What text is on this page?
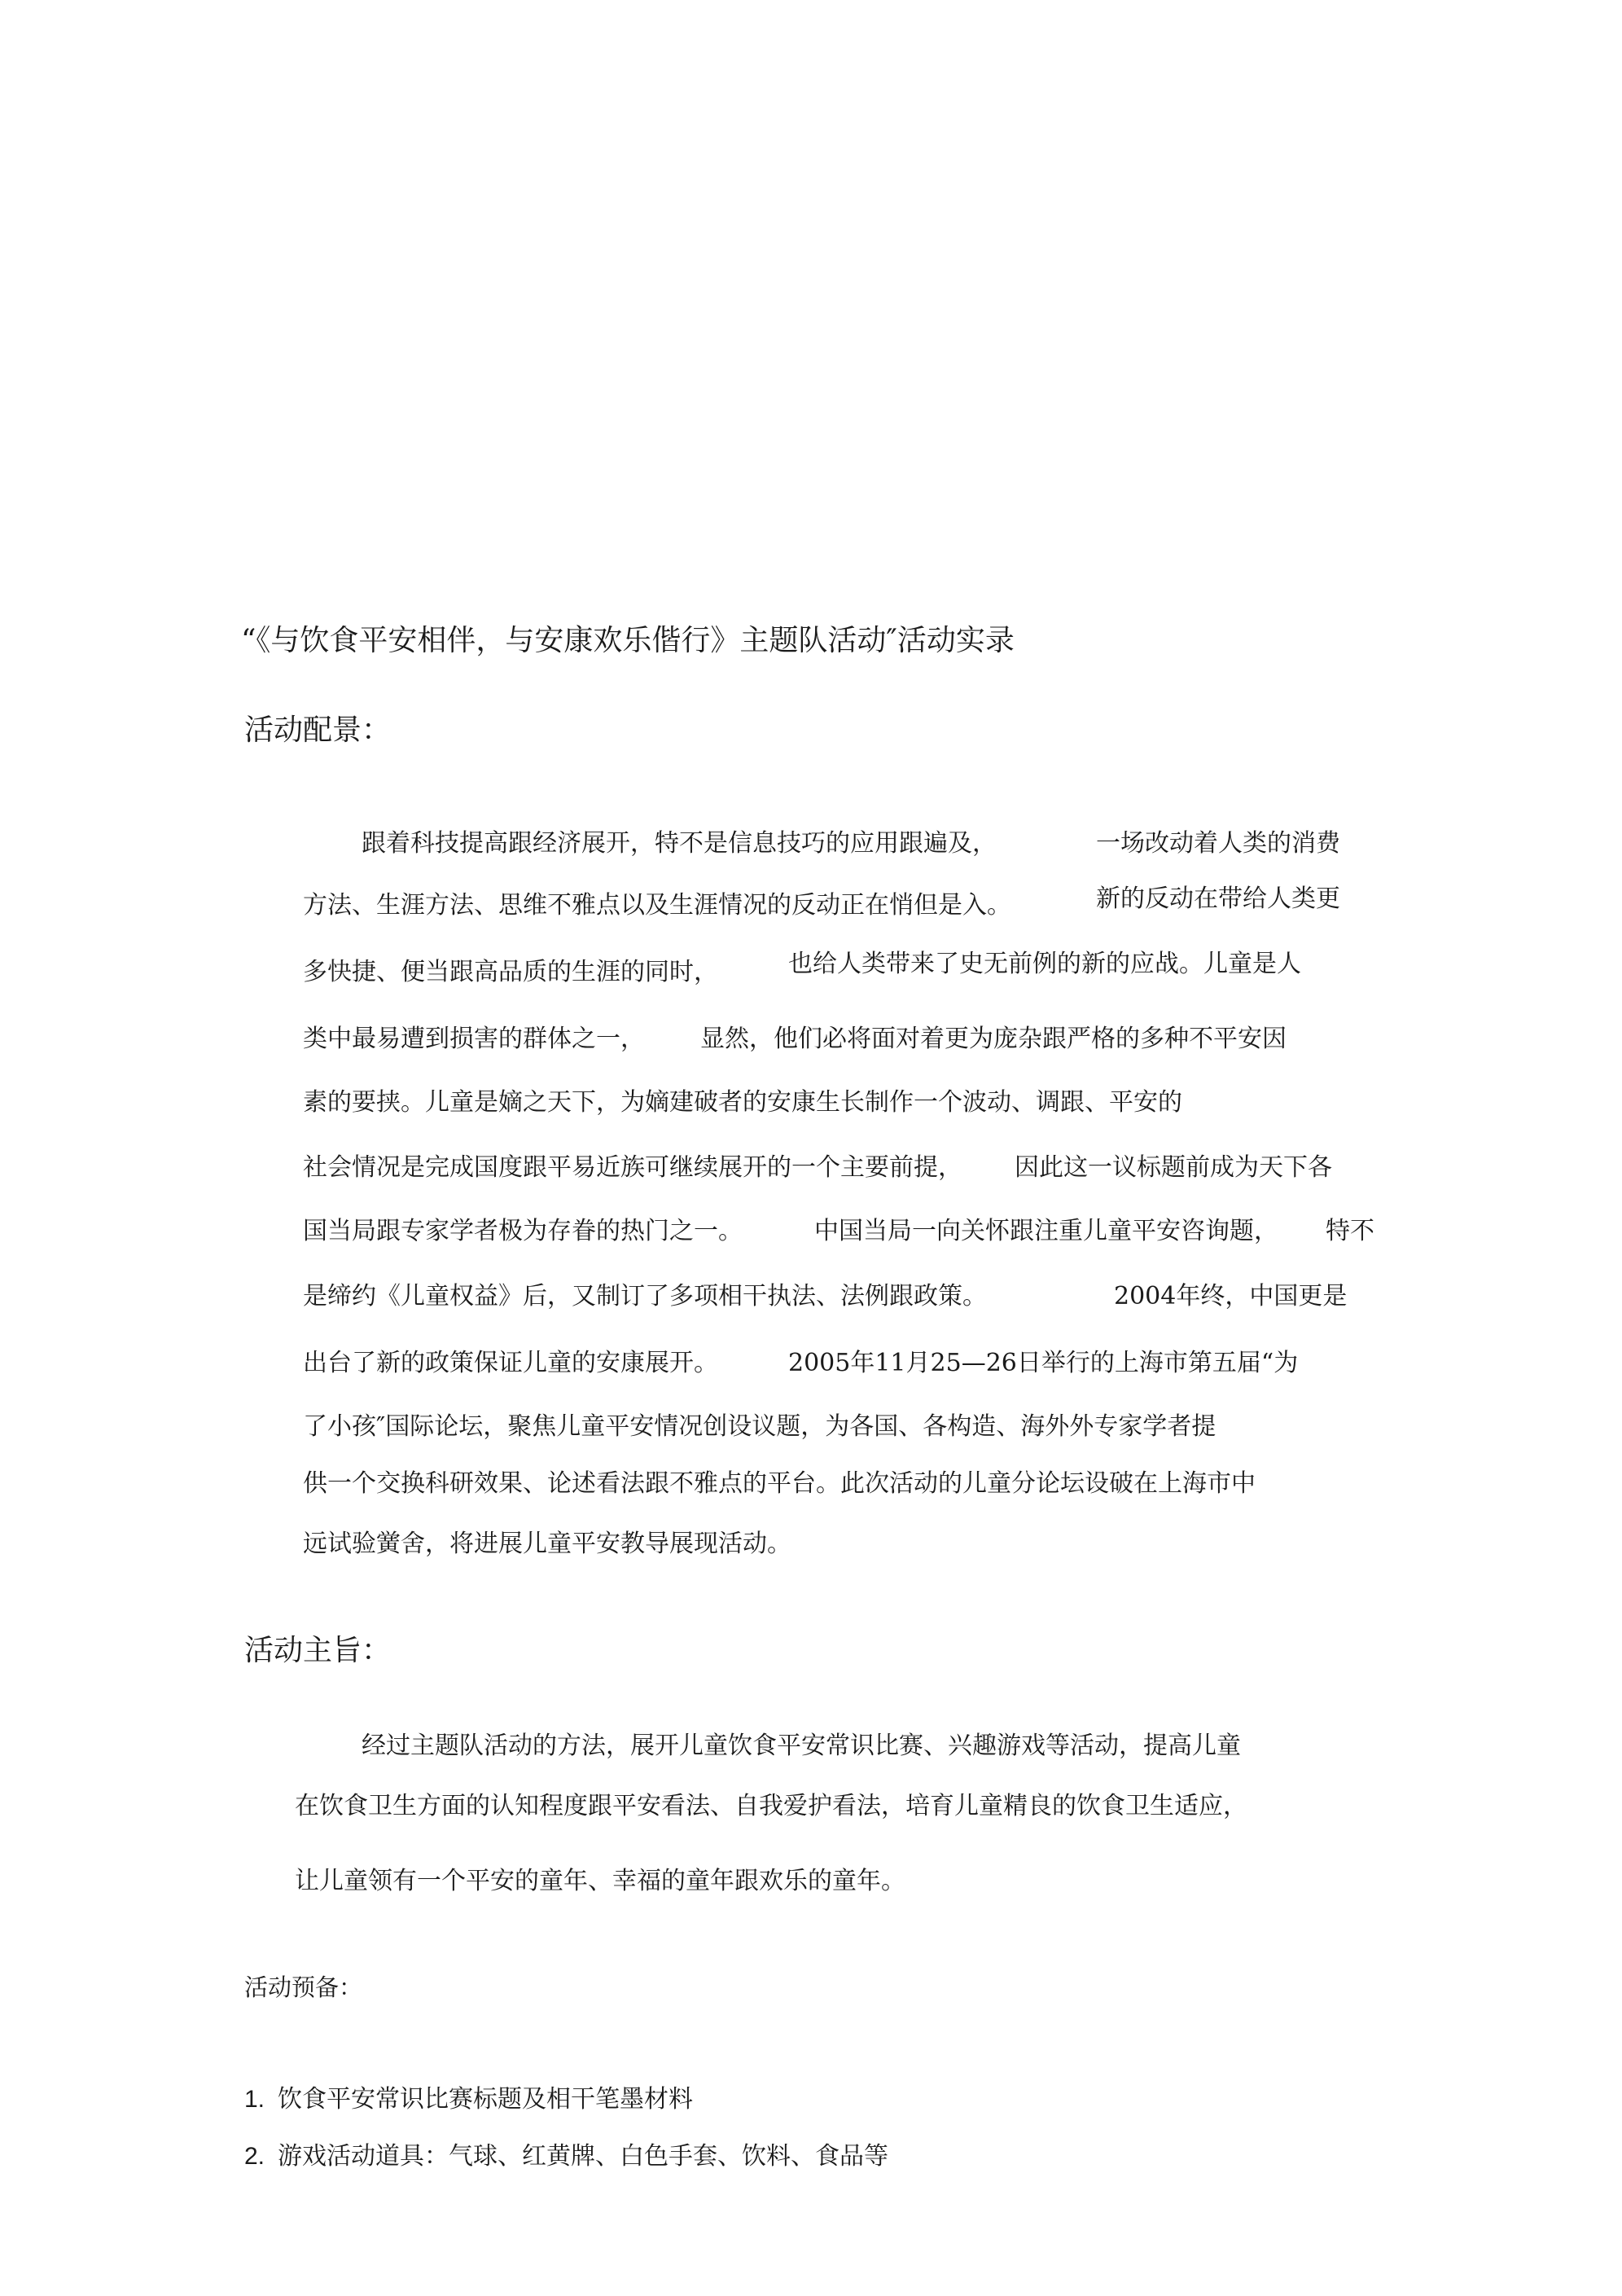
“《与饮食平安相伴，与安康欢乐偕行》主题队活动″活动实录
活动配景：
跟着科技提高跟经济展开，特不是信息技巧的应用跟遍及，	一场改动着人类的消费
方法、生涯方法、思维不雅点以及生涯情况的反动正在悄但是入。	新的反动在带给人类更
多快捷、便当跟高品质的生涯的同时，	也给人类带来了史无前例的新的应战。儿童是人
类中最易遭到损害的群体之一， 显然，他们必将面对着更为庞杂跟严格的多种不平安因
素的要挟。儿童是嫡之天下，为嫡建破者的安康生长制作一个波动、调跟、平安的
社会情况是完成国度跟平易近族可继续展开的一个主要前提， 因此这一议标题前成为天下各
国当局跟专家学者极为存眷的热门之一。	中国当局一向关怀跟注重儿童平安咨询题， 特不
是缔约《儿童权益》后，又制订了多项相干执法、法例跟政策。	2004年终，中国更是
出台了新的政策保证儿童的安康展开。	2005年11月25—26日举行的上海市第五届“为
了小孩″国际论坛，聚焦儿童平安情况创设议题，为各国、各构造、海外外专家学者提
供一个交换科研效果、论述看法跟不雅点的平台。此次活动的儿童分论坛设破在上海市中
远试验黉舍，将进展儿童平安教导展现活动。
活动主旨：
经过主题队活动的方法，展开儿童饮食平安常识比赛、兴趣游戏等活动，提高儿童
在饮食卫生方面的认知程度跟平安看法、自我爱护看法，培育儿童精良的饮食卫生适应，
让儿童领有一个平安的童年、幸福的童年跟欢乐的童年。
活动预备：
1. 饮食平安常识比赛标题及相干笔墨材料
2. 游戏活动道具：气球、红黄牌、白色手套、饮料、食品等
